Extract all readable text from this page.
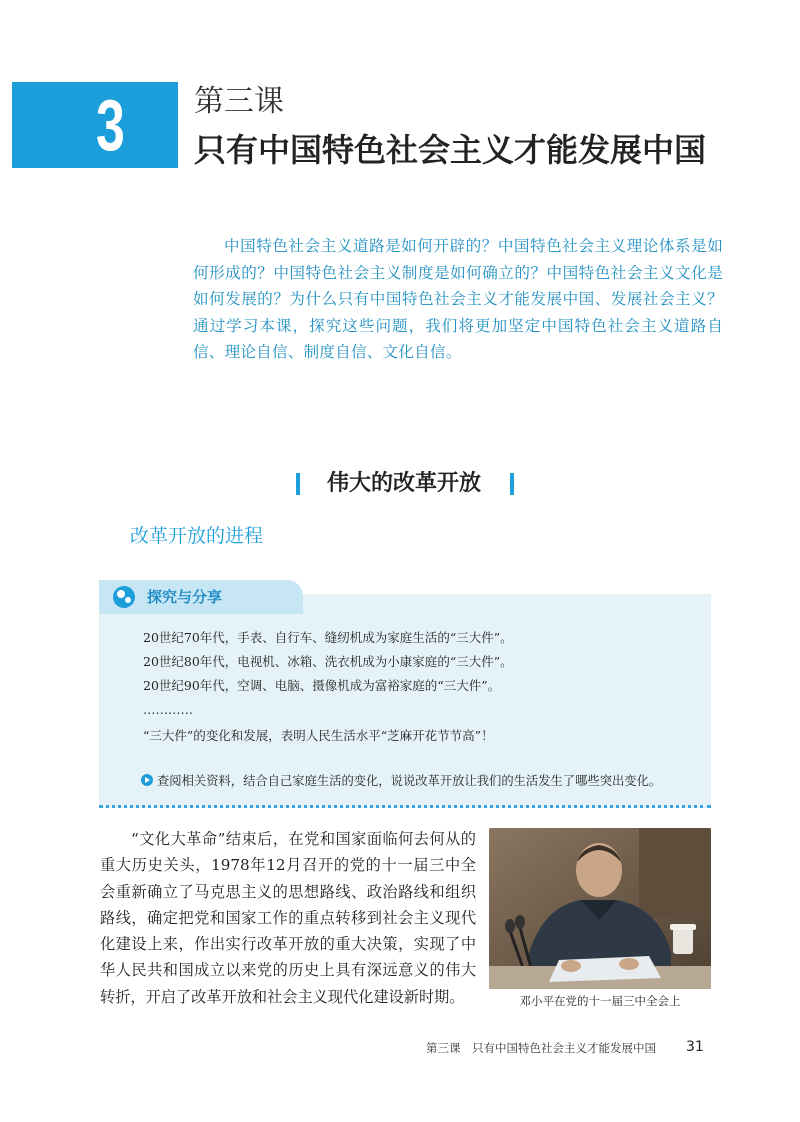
3 第三课
只有中国特色社会主义才能发展中国
中国特色社会主义道路是如何开辟的？中国特色社会主义理论体系是如何形成的？中国特色社会主义制度是如何确立的？中国特色社会主义文化是如何发展的？为什么只有中国特色社会主义才能发展中国、发展社会主义？通过学习本课，探究这些问题，我们将更加坚定中国特色社会主义道路自信、理论自信、制度自信、文化自信。
伟大的改革开放
改革开放的进程
探究与分享
20世纪70年代，手表、自行车、缝纫机成为家庭生活的“三大件”。
20世纪80年代，电视机、冰箱、洗衣机成为小康家庭的“三大件”。
20世纪90年代，空调、电脑、摄像机成为富裕家庭的“三大件”。
…………
“三大件”的变化和发展，表明人民生活水平“芝麻开花节节高”！
查阅相关资料，结合自己家庭生活的变化，说说改革开放让我们的生活发生了哪些突出变化。
“文化大革命”结束后，在党和国家面临何去何从的重大历史关头，1978年12月召开的党的十一届三中全会重新确立了马克思主义的思想路线、政治路线和组织路线，确定把党和国家工作的重点转移到社会主义现代化建设上来，作出实行改革开放的重大决策，实现了中华人民共和国成立以来党的历史上具有深远意义的伟大转折，开启了改革开放和社会主义现代化建设新时期。	邓小平在党的十一届三中全会上
第三课　只有中国特色社会主义才能发展中国 31
